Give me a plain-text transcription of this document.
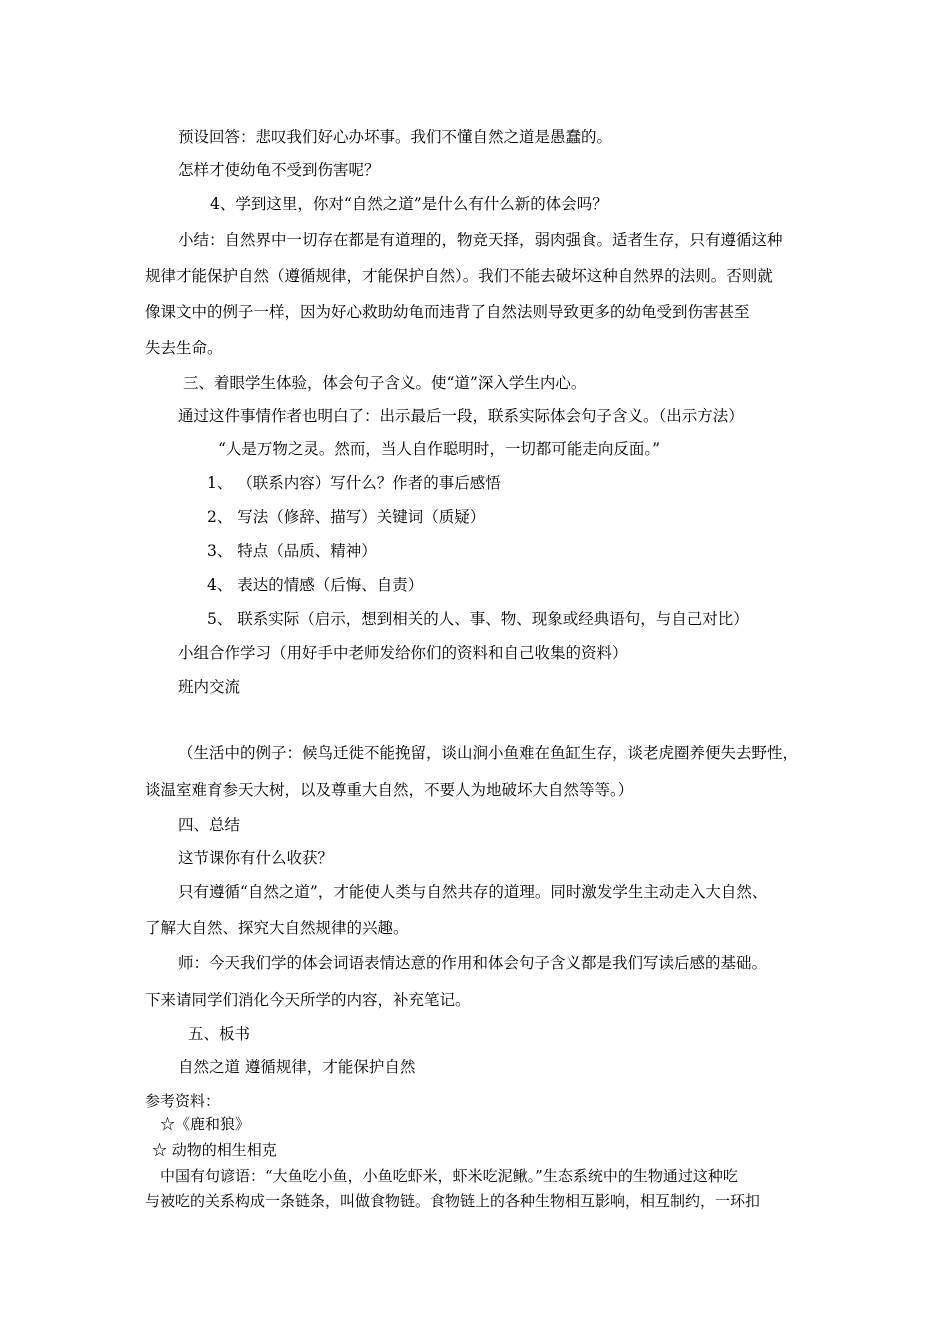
预设回答：悲叹我们好心办坏事。我们不懂自然之道是愚蠢的。
怎样才使幼龟不受到伤害呢？
4、学到这里，你对“自然之道”是什么有什么新的体会吗？
小结：自然界中一切存在都是有道理的，物竞天择，弱肉强食。适者生存，只有遵循这种
规律才能保护自然（遵循规律，才能保护自然）。我们不能去破坏这种自然界的法则。否则就
像课文中的例子一样，因为好心救助幼龟而违背了自然法则导致更多的幼龟受到伤害甚至
失去生命。
三、着眼学生体验，体会句子含义。使“道”深入学生内心。
通过这件事情作者也明白了：出示最后一段，联系实际体会句子含义。（出示方法）
“人是万物之灵。然而，当人自作聪明时，一切都可能走向反面。”
1、 （联系内容）写什么？作者的事后感悟
2、 写法（修辞、描写）关键词（质疑）
3、 特点（品质、精神）
4、 表达的情感（后悔、自责）
5、 联系实际（启示，想到相关的人、事、物、现象或经典语句，与自己对比）
小组合作学习（用好手中老师发给你们的资料和自己收集的资料）
班内交流
（生活中的例子：候鸟迁徙不能挽留，谈山涧小鱼难在鱼缸生存，谈老虎圈养便失去野性，
谈温室难育参天大树，以及尊重大自然，不要人为地破坏大自然等等。）
四、总结
这节课你有什么收获？
只有遵循“自然之道”，才能使人类与自然共存的道理。同时激发学生主动走入大自然、
了解大自然、探究大自然规律的兴趣。
师：今天我们学的体会词语表情达意的作用和体会句子含义都是我们写读后感的基础。
下来请同学们消化今天所学的内容，补充笔记。
五、板书
自然之道 遵循规律，才能保护自然
参考资料：
☆《鹿和狼》
☆ 动物的相生相克
中国有句谚语：“大鱼吃小鱼，小鱼吃虾米，虾米吃泥鳅。”生态系统中的生物通过这种吃
与被吃的关系构成一条链条，叫做食物链。食物链上的各种生物相互影响，相互制约，一环扣
